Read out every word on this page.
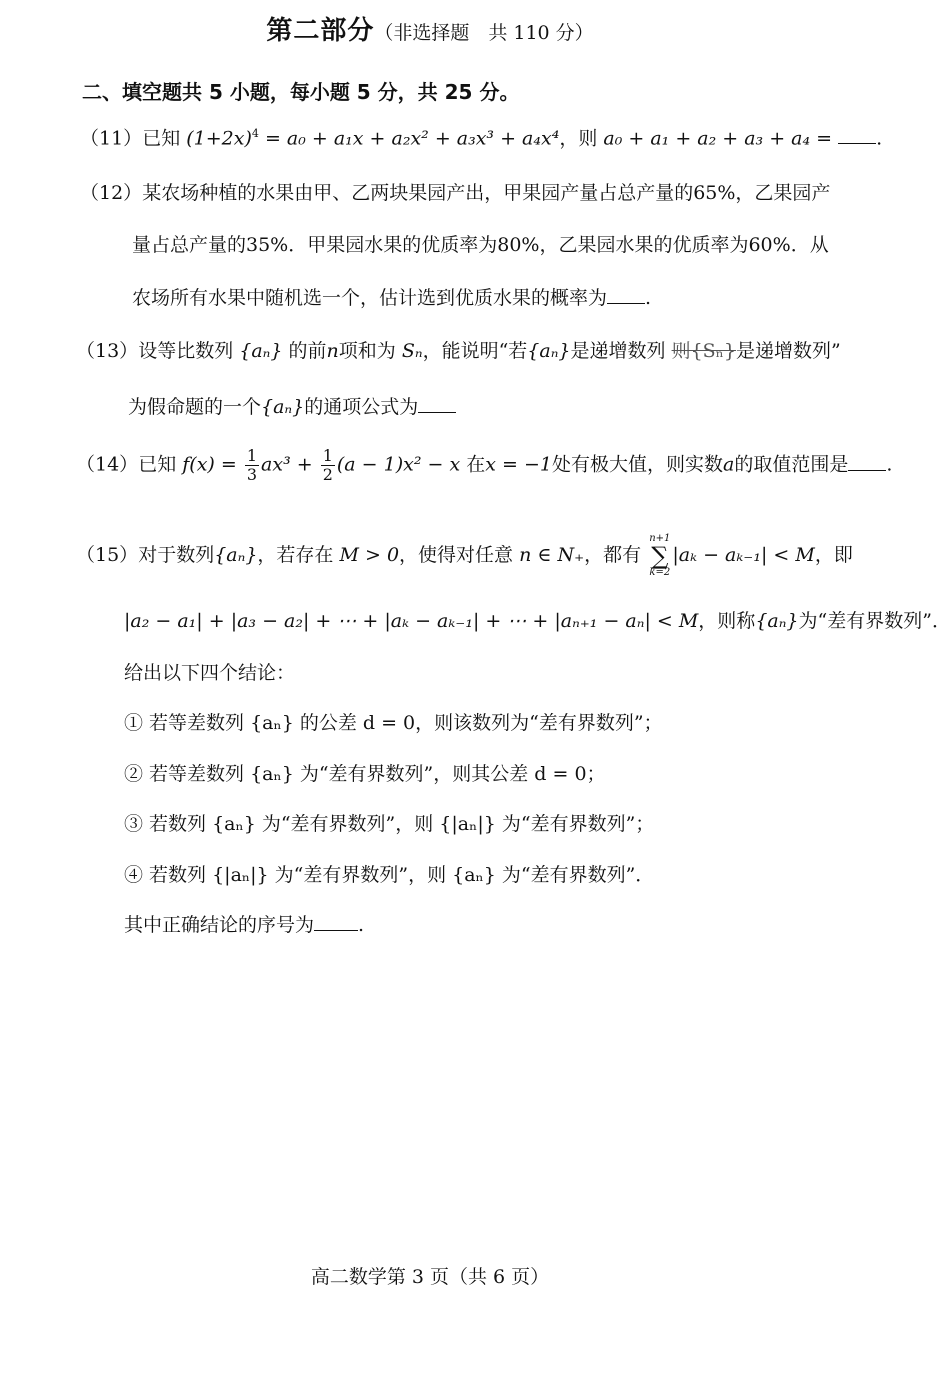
第二部分（非选择题　共 110 分）
二、填空题共 5 小题，每小题 5 分，共 25 分。
（11）已知 $(1+2x)^4 = a_0 + a_1x + a_2x^2 + a_3x^3 + a_4x^4$，则 a₀ + a₁ + a₂ + a₃ + a₄ = .
（12）某农场种植的水果由甲、乙两块果园产出，甲果园产量占总产量的65%，乙果园产
量占总产量的35%．甲果园水果的优质率为80%，乙果园水果的优质率为60%．从
农场所有水果中随机选一个，估计选到优质水果的概率为 .
（13）设等比数列 {aₙ} 的前n项和为 Sₙ，能说明“若{aₙ}是递增数列 则{Sₙ}是递增数列”
为假命题的一个{aₙ}的通项公式为
（14）已知 $f(x) = \frac{1}{3} ax^3 + \frac{1}{2} (a - 1)x^2 - x$ 在x = −1处有极大值，则实数a的取值范围是 .
（15）对于数列{aₙ}，若存在 M > 0，使得对任意 n ∈ N₊，都有
n+1
∑
k=2
|aₖ − aₖ₋₁| < M，即
|a₂ − a₁| + |a₃ − a₂| + ⋯ + |aₖ − aₖ₋₁| + ⋯ + |aₙ₊₁ − aₙ| < M，则称{aₙ}为“差有界数列”．
给出以下四个结论：
① 若等差数列 {aₙ} 的公差 d = 0，则该数列为“差有界数列”；
② 若等差数列 {aₙ} 为“差有界数列”，则其公差 d = 0；
③ 若数列 {aₙ} 为“差有界数列”，则 {|aₙ|} 为“差有界数列”；
④ 若数列 {|aₙ|} 为“差有界数列”，则 {aₙ} 为“差有界数列”．
其中正确结论的序号为 .
高二数学第 3 页（共 6 页）
